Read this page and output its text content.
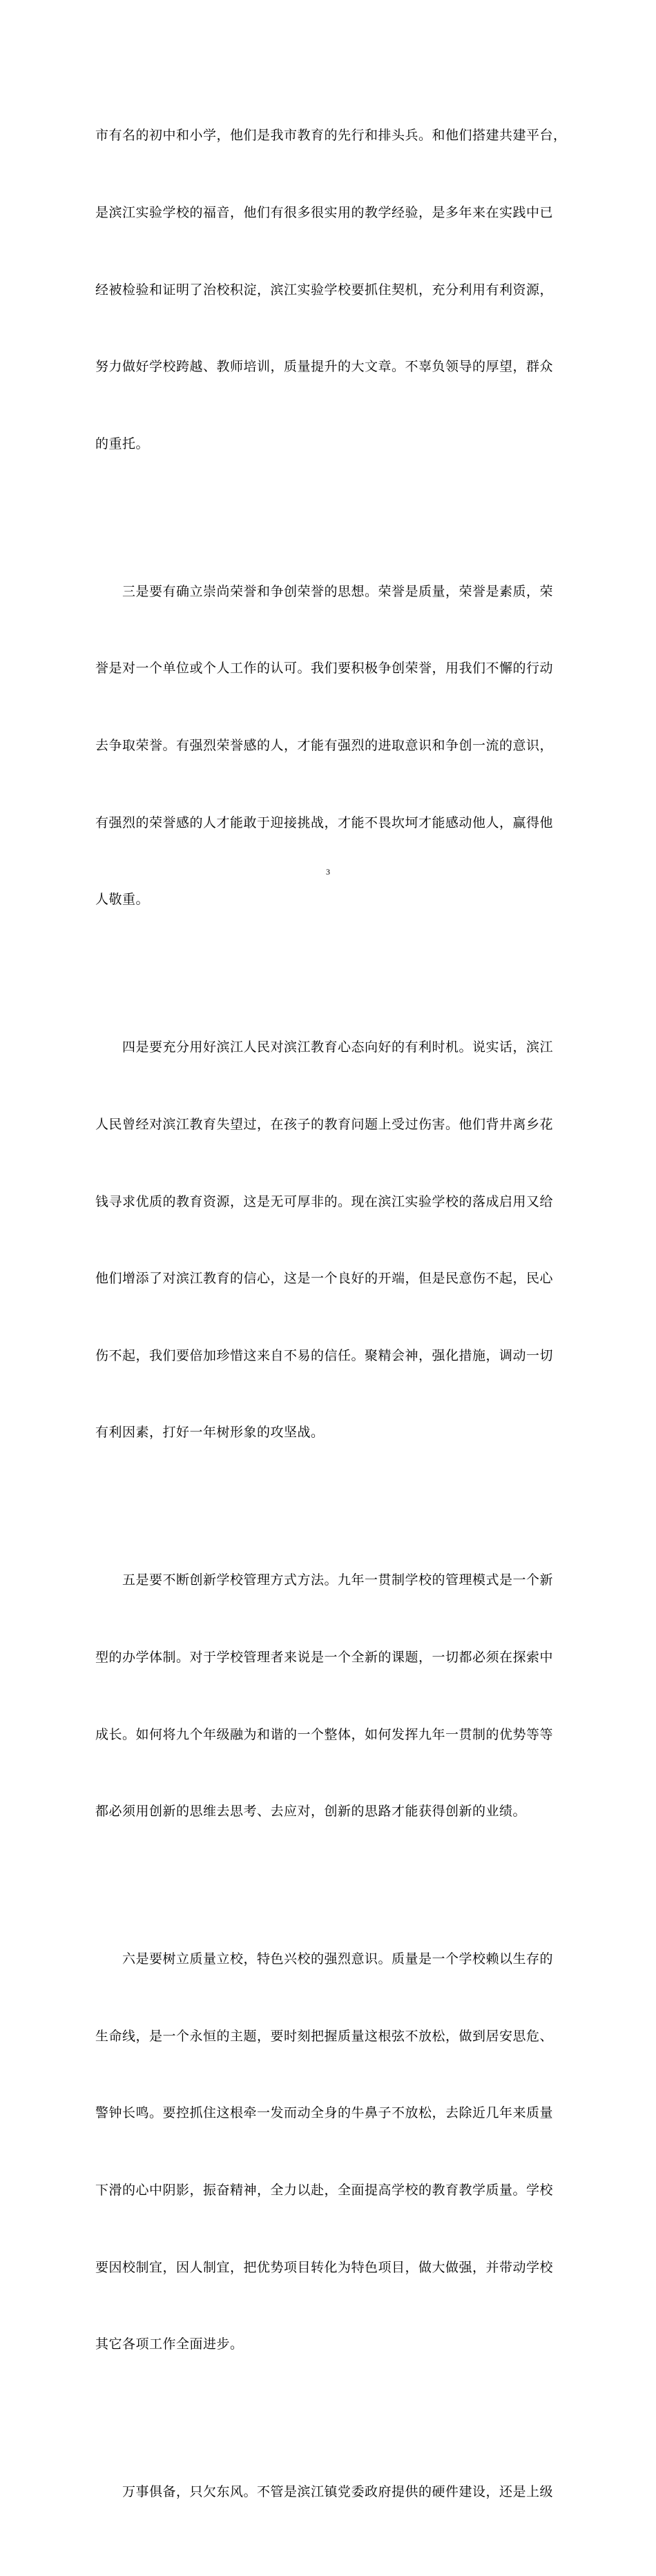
市有名的初中和小学，他们是我市教育的先行和排头兵。和他们搭建共建平台，

是滨江实验学校的福音，他们有很多很实用的教学经验，是多年来在实践中已

经被检验和证明了治校积淀，滨江实验学校要抓住契机，充分利用有利资源，

努力做好学校跨越、教师培训，质量提升的大文章。不辜负领导的厚望，群众

的重托。

　　三是要有确立崇尚荣誉和争创荣誉的思想。荣誉是质量，荣誉是素质，荣

誉是对一个单位或个人工作的认可。我们要积极争创荣誉，用我们不懈的行动

去争取荣誉。有强烈荣誉感的人，才能有强烈的进取意识和争创一流的意识，

有强烈的荣誉感的人才能敢于迎接挑战，才能不畏坎坷才能感动他人，赢得他

人敬重。

　　四是要充分用好滨江人民对滨江教育心态向好的有利时机。说实话，滨江

人民曾经对滨江教育失望过，在孩子的教育问题上受过伤害。他们背井离乡花

钱寻求优质的教育资源，这是无可厚非的。现在滨江实验学校的落成启用又给

他们增添了对滨江教育的信心，这是一个良好的开端，但是民意伤不起，民心

伤不起，我们要倍加珍惜这来自不易的信任。聚精会神，强化措施，调动一切

有利因素，打好一年树形象的攻坚战。

　　五是要不断创新学校管理方式方法。九年一贯制学校的管理模式是一个新

型的办学体制。对于学校管理者来说是一个全新的课题，一切都必须在探索中

成长。如何将九个年级融为和谐的一个整体，如何发挥九年一贯制的优势等等

都必须用创新的思维去思考、去应对，创新的思路才能获得创新的业绩。

　　六是要树立质量立校，特色兴校的强烈意识。质量是一个学校赖以生存的

生命线，是一个永恒的主题，要时刻把握质量这根弦不放松，做到居安思危、

警钟长鸣。要控抓住这根牵一发而动全身的牛鼻子不放松，去除近几年来质量

下滑的心中阴影，振奋精神，全力以赴，全面提高学校的教育教学质量。学校

要因校制宜，因人制宜，把优势项目转化为特色项目，做大做强，并带动学校

其它各项工作全面进步。

　　万事俱备，只欠东风。不管是滨江镇党委政府提供的硬件建设，还是上级

3
